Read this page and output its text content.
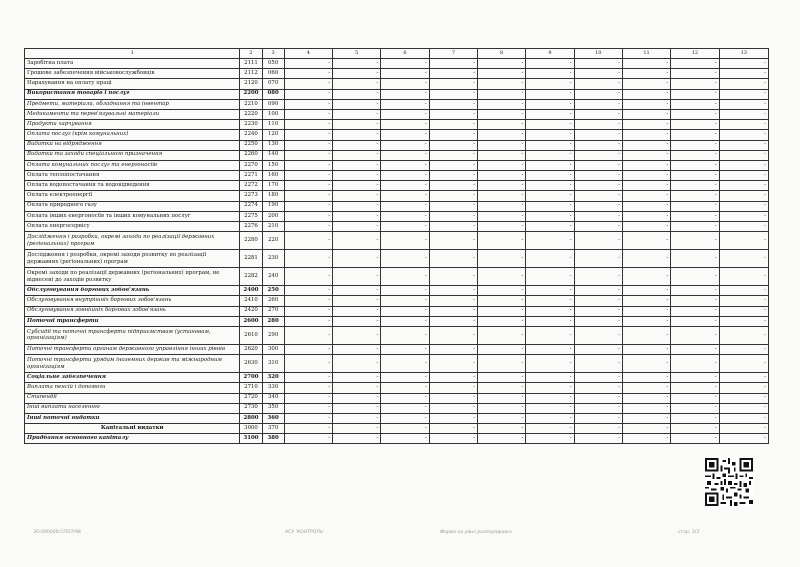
1	2	3	4	5	6	7	8	9	10	11	12	13
Заробітна плата	2111	050	-	-	-	-	-	-	-	-	-	-
Грошове забезпечення військовослужбовців	2112	060	-	-	-	-	-	-	-	-	-	-
Нарахування на оплату праці	2120	070	-	-	-	-	-	-	-	-	-	-
Використання товарів і послуг	2200	080	-	-	-	-	-	-	-	-	-	-
Предмети, матеріали, обладнання та інвентар	2210	090	-	-	-	-	-	-	-	-	-	-
Медикаменти та перев'язувальні матеріали	2220	100	-	-	-	-	-	-	-	-	-	-
Продукти харчування	2230	110	-	-	-	-	-	-	-	-	-	-
Оплата послуг (крім комунальних)	2240	120	-	-	-	-	-	-	-	-	-	-
Видатки на відрядження	2250	130	-	-	-	-	-	-	-	-	-	-
Видатки та заходи спеціального призначення	2260	140	-	-	-	-	-	-	-	-	-	-
Оплата комунальних послуг та енергоносіїв	2270	150	-	-	-	-	-	-	-	-	-	-
Оплата теплопостачання	2271	160	-	-	-	-	-	-	-	-	-	-
Оплата водопостачання та водовідведення	2272	170	-	-	-	-	-	-	-	-	-	-
Оплата електроенергії	2273	180	-	-	-	-	-	-	-	-	-	-
Оплата природного газу	2274	190	-	-	-	-	-	-	-	-	-	-
Оплата інших енергоносіїв та інших комунальних послуг	2275	200	-	-	-	-	-	-	-	-	-	-
Оплата енергосервісу	2276	210	-	-	-	-	-	-	-	-	-	-
Дослідження і розробки, окремі заходи по реалізації державних (регіональних) програм	2280	220	-	-	-	-	-	-	-	-	-	-
Дослідження і розробки, окремі заходи розвитку по реалізації державних (регіональних) програм	2281	230	-	-	-	-	-	-	-	-	-	-
Окремі заходи по реалізації державних (регіональних) програм, не віднесені до заходів розвитку	2282	240	-	-	-	-	-	-	-	-	-	-
Обслуговування боргових зобов'язань	2400	250	-	-	-	-	-	-	-	-	-	-
Обслуговування внутрішніх боргових зобов'язань	2410	260	-	-	-	-	-	-	-	-	-	-
Обслуговування зовнішніх боргових зобов'язань	2420	270	-	-	-	-	-	-	-	-	-	-
Поточні трансферти	2600	280	-	-	-	-	-	-	-	-	-	-
Субсидії та поточні трансферти підприємствам (установам, організаціям)	2610	290	-	-	-	-	-	-	-	-	-	-
Поточні трансферти органам державного управління інших рівнів	2620	300	-	-	-	-	-	-	-	-	-	-
Поточні трансферти урядам іноземних держав та міжнародним організаціям	2630	310	-	-	-	-	-	-	-	-	-	-
Соціальне забезпечення	2700	320	-	-	-	-	-	-	-	-	-	-
Виплата пенсій і допомоги	2710	330	-	-	-	-	-	-	-	-	-	-
Стипендії	2720	340	-	-	-	-	-	-	-	-	-	-
Інші виплати населенню	2730	350	-	-	-	-	-	-	-	-	-	-
Інші поточні видатки	2800	360	-	-	-	-	-	-	-	-	-	-
Капітальні видатки	3000	370	-	-	-	-	-	-	-	-	-	-
Придбання основного капіталу	3100	380	-	-	-	-	-	-	-	-	-	-
ЗО:000000:СПО7/98	АСУ 'КОНТРОЛЬ'	Форма на рівні розпорядника	стор. 2/3
